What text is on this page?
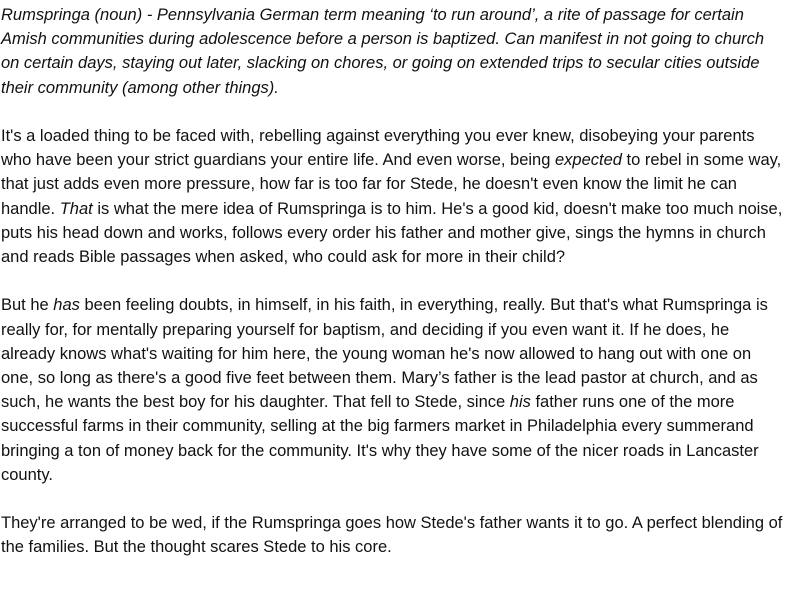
Rumspringa (noun) - Pennsylvania German term meaning ‘to run around’, a rite of passage for certain Amish communities during adolescence before a person is baptized. Can manifest in not going to church on certain days, staying out later, slacking on chores, or going on extended trips to secular cities outside their community (among other things).

It's a loaded thing to be faced with, rebelling against everything you ever knew, disobeying your parents who have been your strict guardians your entire life. And even worse, being expected to rebel in some way, that just adds even more pressure, how far is too far for Stede, he doesn't even know the limit he can handle. That is what the mere idea of Rumspringa is to him. He's a good kid, doesn't make too much noise, puts his head down and works, follows every order his father and mother give, sings the hymns in church and reads Bible passages when asked, who could ask for more in their child?

But he has been feeling doubts, in himself, in his faith, in everything, really. But that's what Rumspringa is really for, for mentally preparing yourself for baptism, and deciding if you even want it. If he does, he already knows what's waiting for him here, the young woman he's now allowed to hang out with one on one, so long as there's a good five feet between them. Mary’s father is the lead pastor at church, and as such, he wants the best boy for his daughter. That fell to Stede, since his father runs one of the more successful farms in their community, selling at the big farmers market in Philadelphia every summerand bringing a ton of money back for the community. It's why they have some of the nicer roads in Lancaster county.

They're arranged to be wed, if the Rumspringa goes how Stede's father wants it to go. A perfect blending of the families. But the thought scares Stede to his core.
